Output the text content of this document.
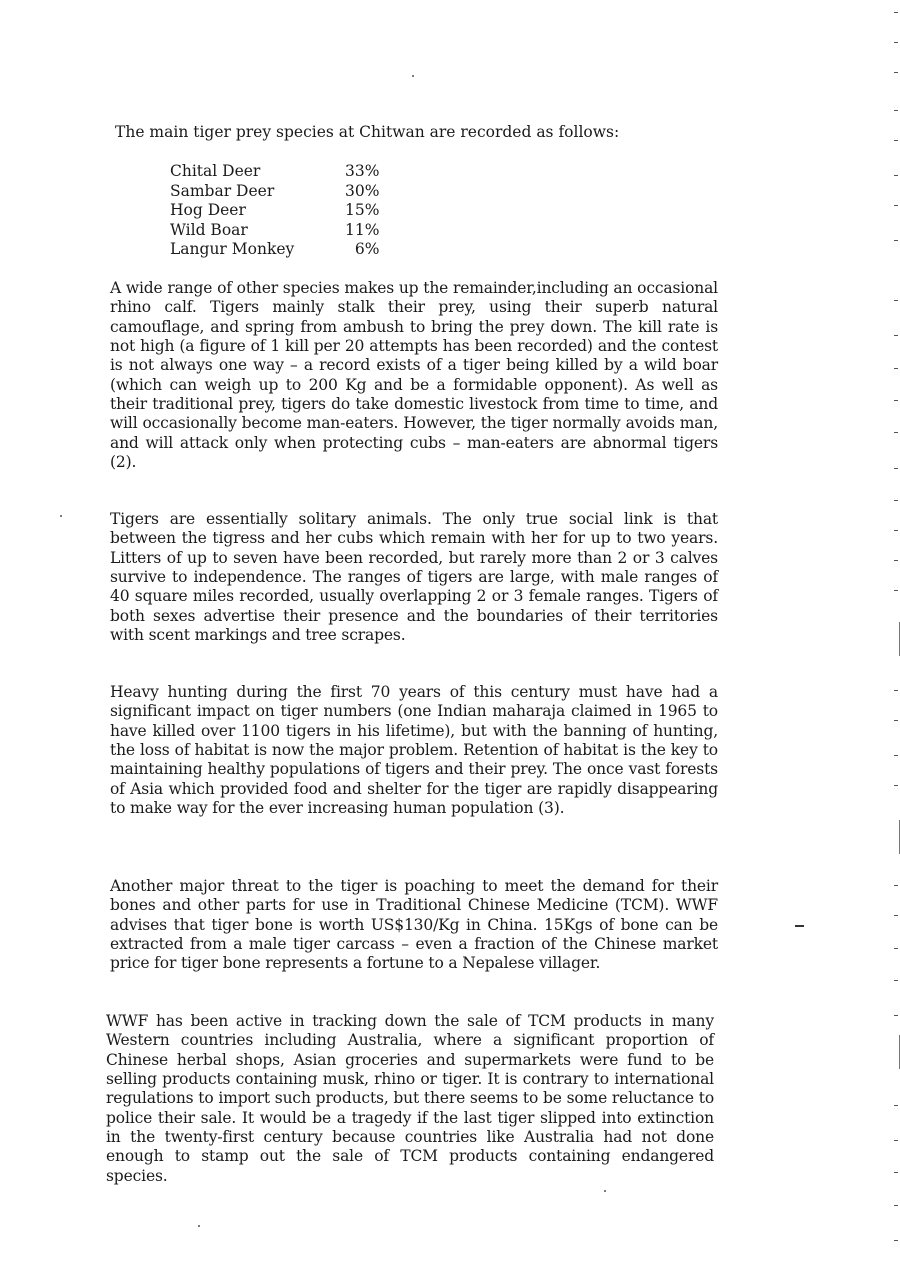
The main tiger prey species at Chitwan are recorded as follows:

Chital Deer	33%
Sambar Deer	30%
Hog Deer	15%
Wild Boar	11%
Langur Monkey	6%

A wide range of other species makes up the remainder,including an occasional rhino calf. Tigers mainly stalk their prey, using their superb natural camouflage, and spring from ambush to bring the prey down. The kill rate is not high (a figure of 1 kill per 20 attempts has been recorded) and the contest is not always one way – a record exists of a tiger being killed by a wild boar (which can weigh up to 200 Kg and be a formidable opponent). As well as their traditional prey, tigers do take domestic livestock from time to time, and will occasionally become man-eaters. However, the tiger normally avoids man, and will attack only when protecting cubs – man-eaters are abnormal tigers (2).

Tigers are essentially solitary animals. The only true social link is that between the tigress and her cubs which remain with her for up to two years. Litters of up to seven have been recorded, but rarely more than 2 or 3 calves survive to independence. The ranges of tigers are large, with male ranges of 40 square miles recorded, usually overlapping 2 or 3 female ranges. Tigers of both sexes advertise their presence and the boundaries of their territories with scent markings and tree scrapes.

Heavy hunting during the first 70 years of this century must have had a significant impact on tiger numbers (one Indian maharaja claimed in 1965 to have killed over 1100 tigers in his lifetime), but with the banning of hunting, the loss of habitat is now the major problem. Retention of habitat is the key to maintaining healthy populations of tigers and their prey. The once vast forests of Asia which provided food and shelter for the tiger are rapidly disappearing to make way for the ever increasing human population (3).

Another major threat to the tiger is poaching to meet the demand for their bones and other parts for use in Traditional Chinese Medicine (TCM). WWF advises that tiger bone is worth US$130/Kg in China. 15Kgs of bone can be extracted from a male tiger carcass – even a fraction of the Chinese market price for tiger bone represents a fortune to a Nepalese villager.

WWF has been active in tracking down the sale of TCM products in many Western countries including Australia, where a significant proportion of Chinese herbal shops, Asian groceries and supermarkets were fund to be selling products containing musk, rhino or tiger. It is contrary to international regulations to import such products, but there seems to be some reluctance to police their sale. It would be a tragedy if the last tiger slipped into extinction in the twenty-first century because countries like Australia had not done enough to stamp out the sale of TCM products containing endangered species.
